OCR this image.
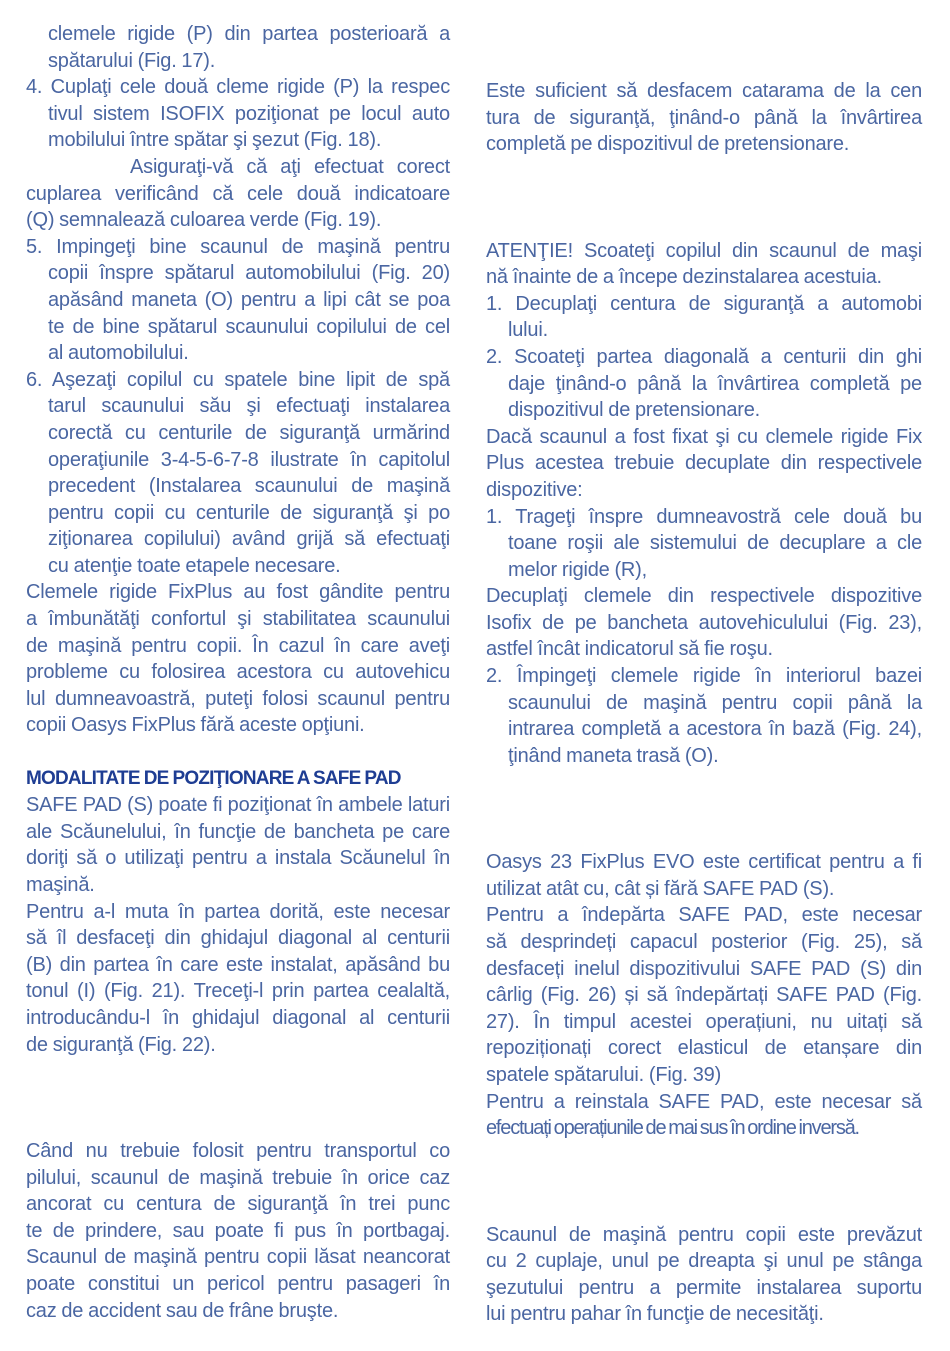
clemele rigide (P) din partea posterioară a
spătarului (Fig. 17).
4. Cuplaţi cele două cleme rigide (P) la respec
tivul sistem ISOFIX poziţionat pe locul auto
mobilului între spătar şi şezut (Fig. 18).
Asiguraţi-vă că aţi efectuat corect
cuplarea verificând că cele două indicatoare
(Q) semnalează culoarea verde (Fig. 19).
5. Impingeţi bine scaunul de maşină pentru
copii înspre spătarul automobilului (Fig. 20)
apăsând maneta (O) pentru a lipi cât se poa
te de bine spătarul scaunului copilului de cel
al automobilului.
6. Aşezaţi copilul cu spatele bine lipit de spă
tarul scaunului său şi efectuaţi instalarea
corectă cu centurile de siguranţă urmărind
operaţiunile 3-4-5-6-7-8 ilustrate în capitolul
precedent (Instalarea scaunului de maşină
pentru copii cu centurile de siguranţă şi po
ziţionarea copilului) având grijă să efectuaţi
cu atenţie toate etapele necesare.
Clemele rigide FixPlus au fost gândite pentru
a îmbunătăţi confortul şi stabilitatea scaunului
de maşină pentru copii. În cazul în care aveţi
probleme cu folosirea acestora cu autovehicu
lul dumneavoastră, puteţi folosi scaunul pentru
copii Oasys FixPlus fără aceste opţiuni.
MODALITATE DE POZIŢIONARE A SAFE PAD
SAFE PAD (S) poate fi poziţionat în ambele laturi
ale Scăunelului, în funcţie de bancheta pe care
doriţi să o utilizaţi pentru a instala Scăunelul în
maşină.
Pentru a-l muta în partea dorită, este necesar
să îl desfaceţi din ghidajul diagonal al centurii
(B) din partea în care este instalat, apăsând bu
tonul (I) (Fig. 21). Treceţi-l prin partea cealaltă,
introducându-l în ghidajul diagonal al centurii
de siguranţă (Fig. 22).
Când nu trebuie folosit pentru transportul co
pilului, scaunul de maşină trebuie în orice caz
ancorat cu centura de siguranţă în trei punc
te de prindere, sau poate fi pus în portbagaj.
Scaunul de maşină pentru copii lăsat neancorat
poate constitui un pericol pentru pasageri în
caz de accident sau de frâne bruşte.
Este suficient să desfacem catarama de la cen
tura de siguranţă, ţinând-o până la învârtirea
completă pe dispozitivul de pretensionare.
ATENŢIE! Scoateţi copilul din scaunul de maşi
nă înainte de a începe dezinstalarea acestuia.
1. Decuplaţi centura de siguranţă a automobi
lului.
2. Scoateţi partea diagonală a centurii din ghi
daje ţinând-o până la învârtirea completă pe
dispozitivul de pretensionare.
Dacă scaunul a fost fixat şi cu clemele rigide Fix
Plus acestea trebuie decuplate din respectivele
dispozitive:
1. Trageţi înspre dumneavostră cele două bu
toane roşii ale sistemului de decuplare a cle
melor rigide (R),
Decuplaţi clemele din respectivele dispozitive
Isofix de pe bancheta autovehiculului (Fig. 23),
astfel încât indicatorul să fie roşu.
2. Împingeţi clemele rigide în interiorul bazei
scaunului de maşină pentru copii până la
intrarea completă a acestora în bază (Fig. 24),
ţinând maneta trasă (O).
Oasys 23 FixPlus EVO este certificat pentru a fi
utilizat atât cu, cât și fără SAFE PAD (S).
Pentru a îndepărta SAFE PAD, este necesar
să desprindeți capacul posterior (Fig. 25), să
desfaceți inelul dispozitivului SAFE PAD (S) din
cârlig (Fig. 26) și să îndepărtați SAFE PAD (Fig.
27). În timpul acestei operațiuni, nu uitați să
repoziționați corect elasticul de etanșare din
spatele spătarului. (Fig. 39)
Pentru a reinstala SAFE PAD, este necesar să
efectuați operațiunile de mai sus în ordine inversă.
Scaunul de maşină pentru copii este prevăzut
cu 2 cuplaje, unul pe dreapta şi unul pe stânga
şezutului pentru a permite instalarea suportu
lui pentru pahar în funcţie de necesităţi.
